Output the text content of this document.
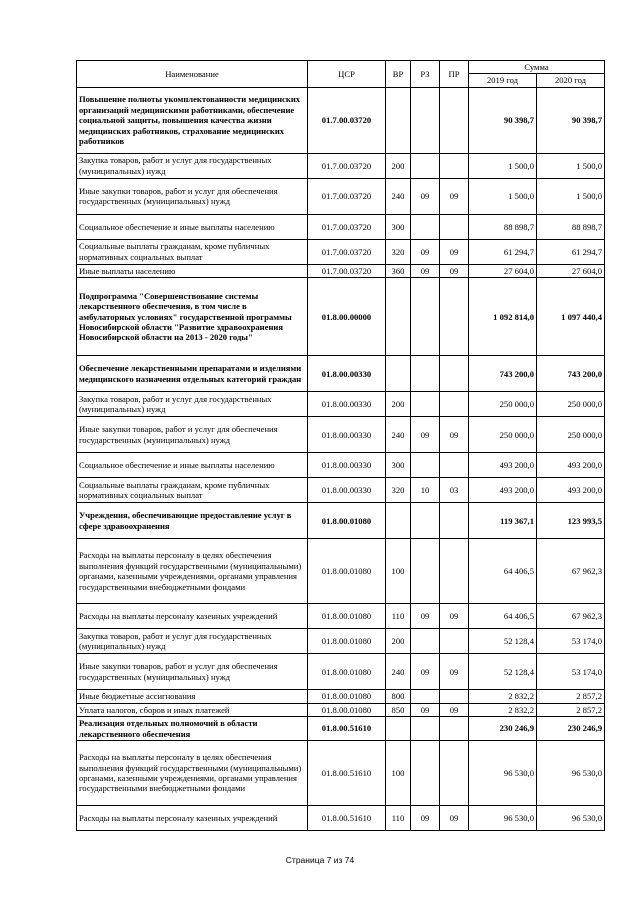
Наименование	ЦСР	ВР	РЗ	ПР	Сумма	
					2019 год	2020 год
Повышение полноты укомплектованности медицинских организаций медицинскими работниками, обеспечение социальной защиты, повышения качества жизни медицинских работников, страхование медицинских работников	01.7.00.03720				90 398,7	90 398,7
Закупка товаров, работ и услуг для государственных (муниципальных) нужд	01.7.00.03720	200			1 500,0	1 500,0
Иные закупки товаров, работ и услуг для обеспечения государственных (муниципальных) нужд	01.7.00.03720	240	09	09	1 500,0	1 500,0
Социальное обеспечение и иные выплаты населению	01.7.00.03720	300			88 898,7	88 898,7
Социальные выплаты гражданам, кроме публичных нормативных социальных выплат	01.7.00.03720	320	09	09	61 294,7	61 294,7
Иные выплаты населению	01.7.00.03720	360	09	09	27 604,0	27 604,0
Подпрограмма "Совершенствование системы лекарственного обеспечения, в том числе в амбулаторных условиях" государственной программы Новосибирской области "Развитие здравоохранения Новосибирской области на 2013 - 2020 годы"	01.8.00.00000				1 092 814,0	1 097 440,4
Обеспечение лекарственными препаратами и изделиями медицинского назначения отдельных категорий граждан	01.8.00.00330				743 200,0	743 200,0
Закупка товаров, работ и услуг для государственных (муниципальных) нужд	01.8.00.00330	200			250 000,0	250 000,0
Иные закупки товаров, работ и услуг для обеспечения государственных (муниципальных) нужд	01.8.00.00330	240	09	09	250 000,0	250 000,0
Социальное обеспечение и иные выплаты населению	01.8.00.00330	300			493 200,0	493 200,0
Социальные выплаты гражданам, кроме публичных нормативных социальных выплат	01.8.00.00330	320	10	03	493 200,0	493 200,0
Учреждения, обеспечивающие предоставление услуг в сфере здравоохранения	01.8.00.01080				119 367,1	123 993,5
Расходы на выплаты персоналу в целях обеспечения выполнения функций государственными (муниципальными) органами, казенными учреждениями, органами управления государственными внебюджетными фондами	01.8.00.01080	100			64 406,5	67 962,3
Расходы на выплаты персоналу казенных учреждений	01.8.00.01080	110	09	09	64 406,5	67 962,3
Закупка товаров, работ и услуг для государственных (муниципальных) нужд	01.8.00.01080	200			52 128,4	53 174,0
Иные закупки товаров, работ и услуг для обеспечения государственных (муниципальных) нужд	01.8.00.01080	240	09	09	52 128,4	53 174,0
Иные бюджетные ассигнования	01.8.00.01080	800			2 832,2	2 857,2
Уплата налогов, сборов и иных платежей	01.8.00.01080	850	09	09	2 832,2	2 857,2
Реализация отдельных полномочий в области лекарственного обеспечения	01.8.00.51610				230 246,9	230 246,9
Расходы на выплаты персоналу в целях обеспечения выполнения функций государственными (муниципальными) органами, казенными учреждениями, органами управления государственными внебюджетными фондами	01.8.00.51610	100			96 530,0	96 530,0
Расходы на выплаты персоналу казенных учреждений	01.8.00.51610	110	09	09	96 530,0	96 530,0
Страница 7 из 74
